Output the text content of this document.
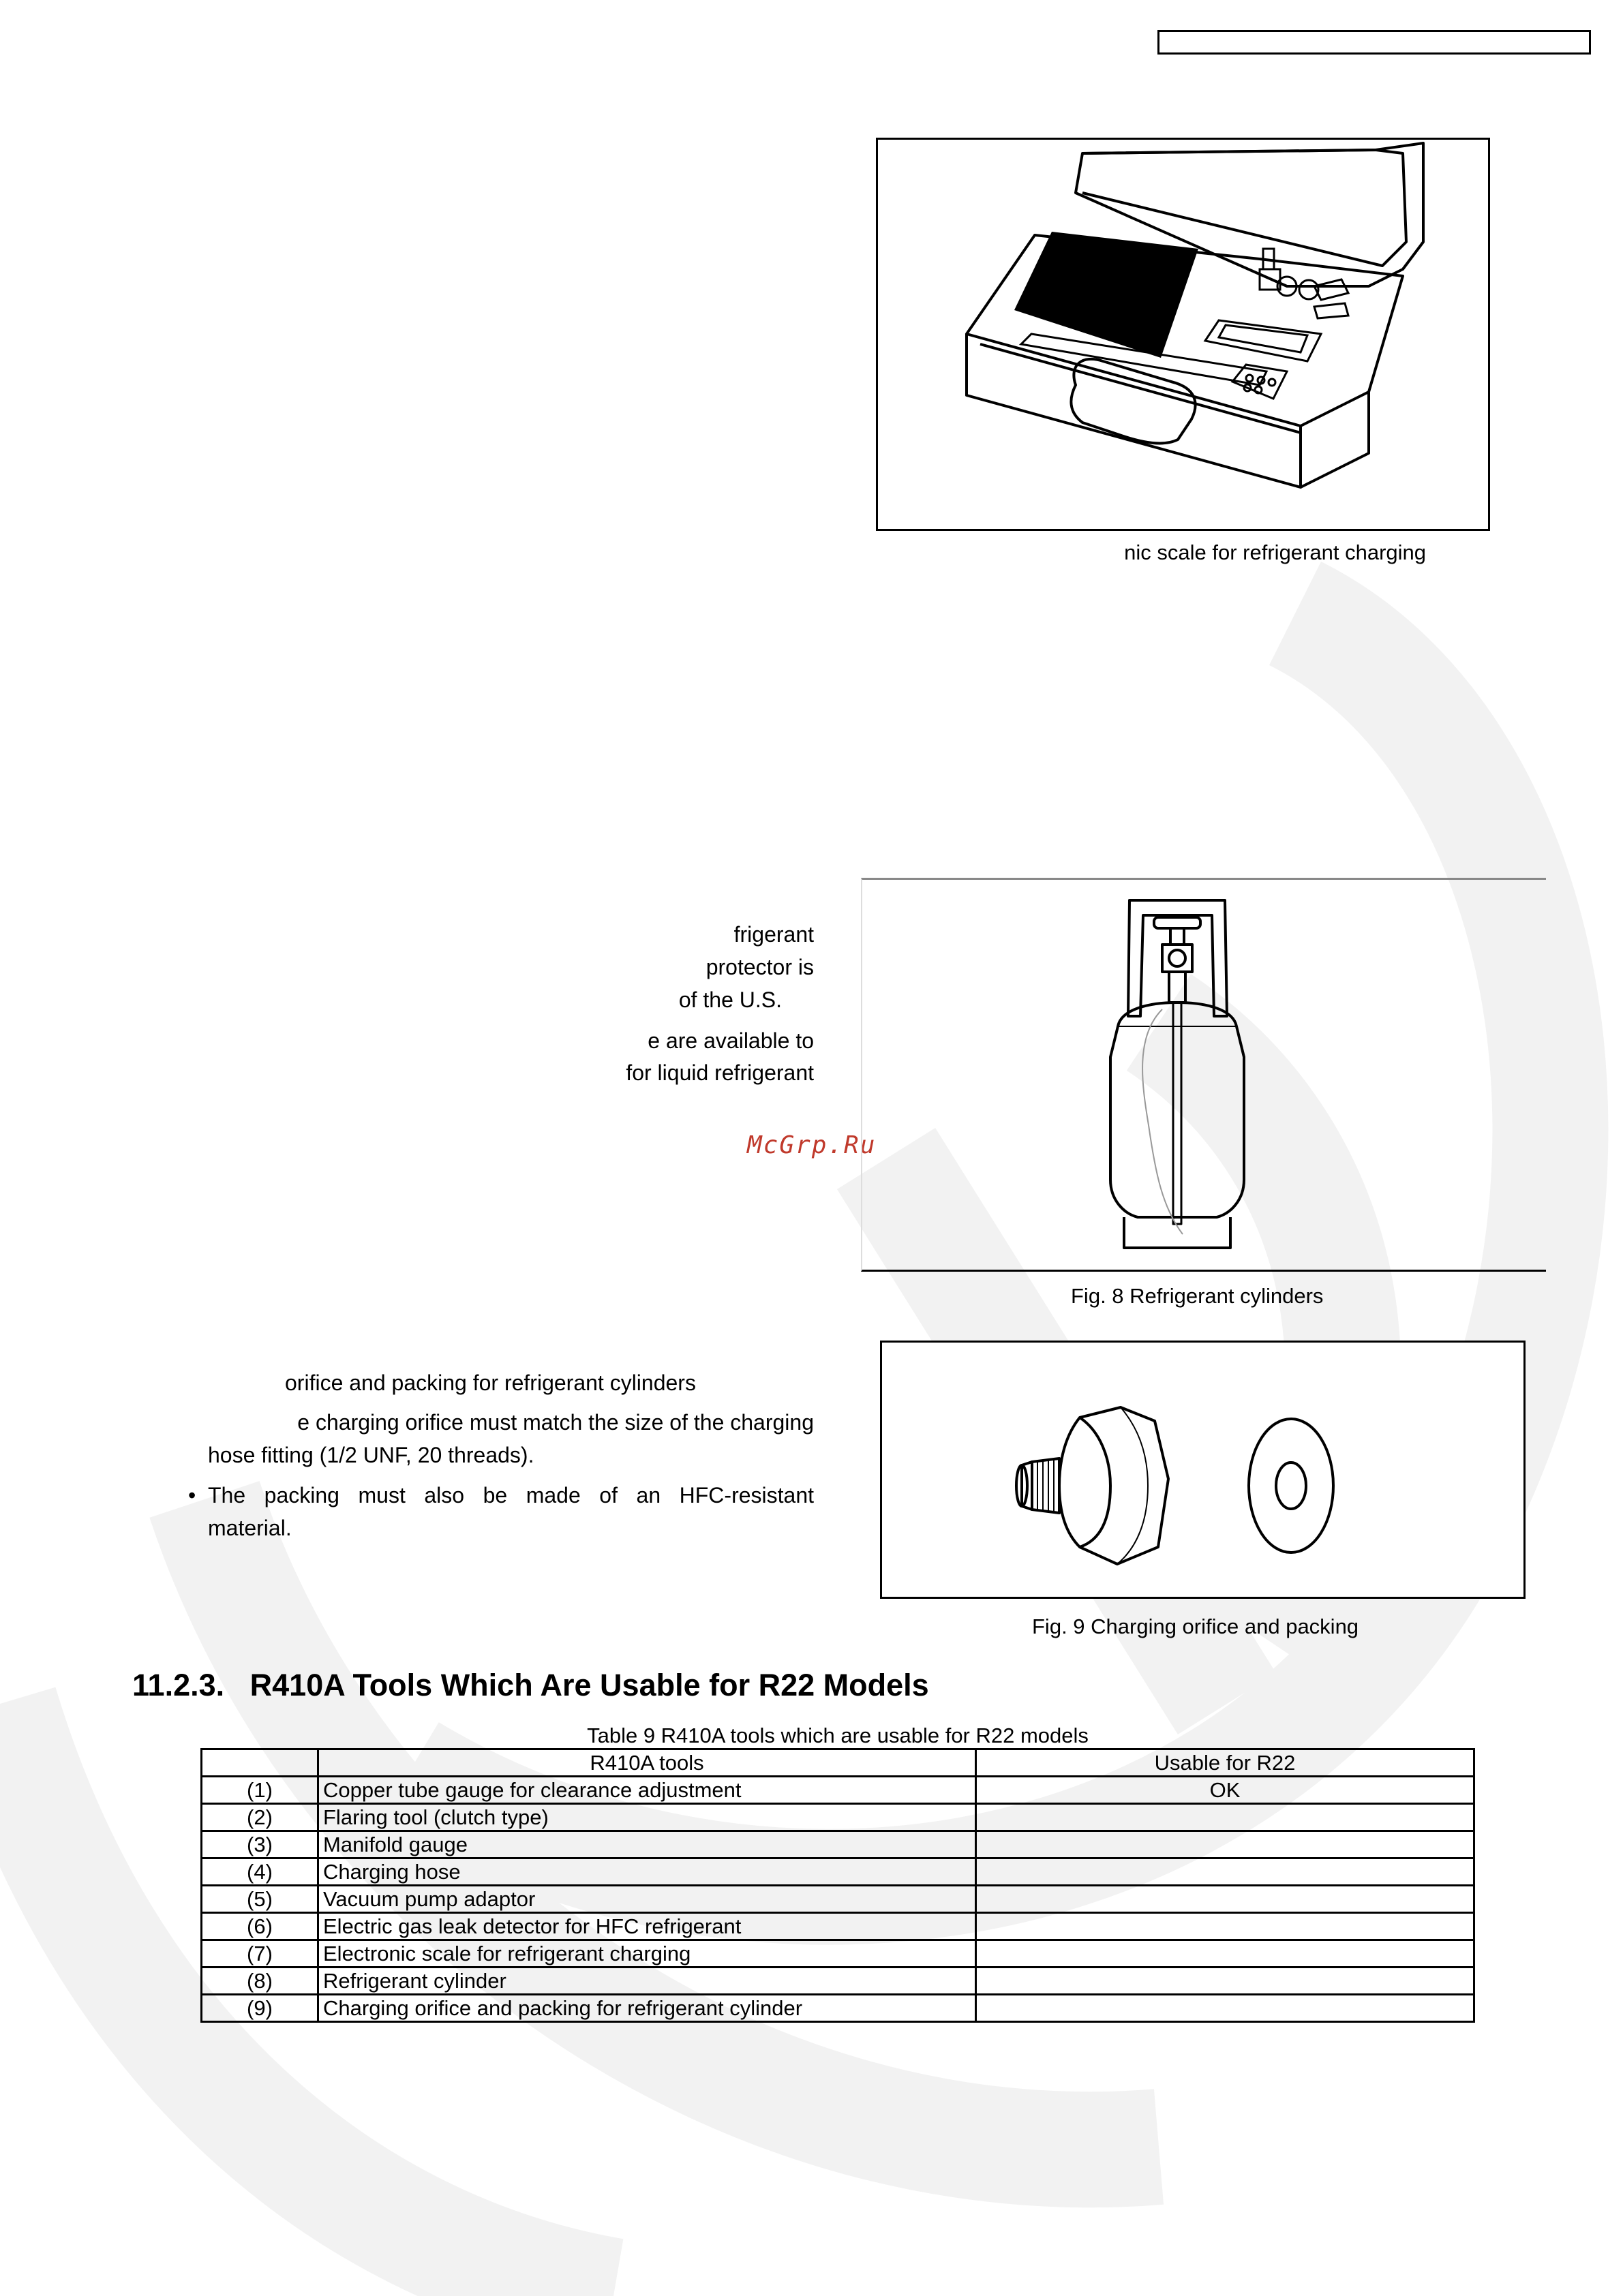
nic scale for refrigerant charging
frigerant
protector is
of the U.S.
e are available to
for liquid refrigerant
McGrp.Ru
Fig. 8 Refrigerant cylinders
orifice and packing for refrigerant cylinders
e charging orifice must match the size of the charging
hose fitting (1/2 UNF, 20 threads).
• The packing must also be made of an HFC-resistant
material.
Fig. 9 Charging orifice and packing
11.2.3.   R410A Tools Which Are Usable for R22 Models
Table 9 R410A tools which are usable for R22 models
	R410A tools	Usable for R22
(1)	Copper tube gauge for clearance adjustment	OK
(2)	Flaring tool (clutch type)	
(3)	Manifold gauge	
(4)	Charging hose	
(5)	Vacuum pump adaptor	
(6)	Electric gas leak detector for HFC refrigerant	
(7)	Electronic scale for refrigerant charging	
(8)	Refrigerant cylinder	
(9)	Charging orifice and packing for refrigerant cylinder	
